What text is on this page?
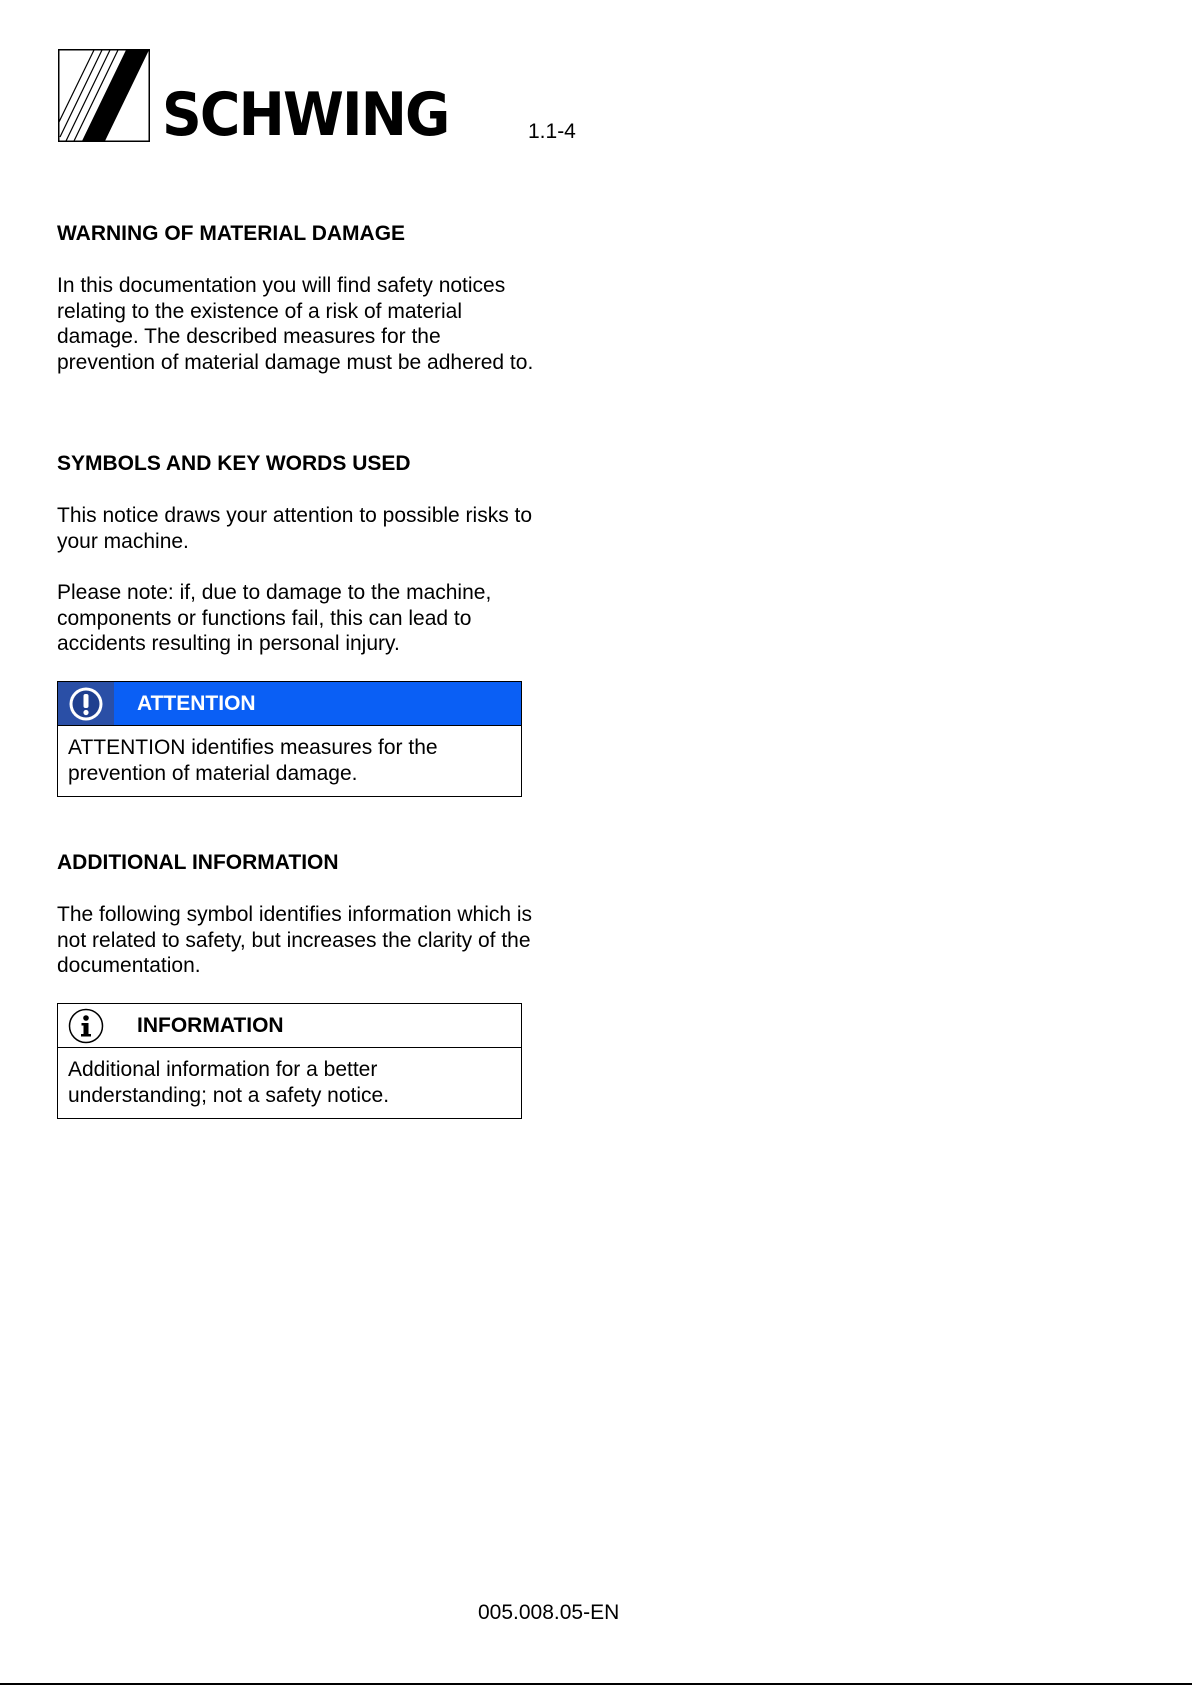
SCHWING	1.1-4
WARNING OF MATERIAL DAMAGE

In this documentation you will find safety notices relating to the existence of a risk of material damage. The described measures for the prevention of material damage must be adhered to.

SYMBOLS AND KEY WORDS USED

This notice draws your attention to possible risks to your machine.

Please note: if, due to damage to the machine, components or functions fail, this can lead to accidents resulting in personal injury.

ATTENTION
ATTENTION identifies measures for the prevention of material damage.
ADDITIONAL INFORMATION

The following symbol identifies information which is not related to safety, but increases the clarity of the documentation.

INFORMATION
Additional information for a better understanding; not a safety notice.
005.008.05-EN
